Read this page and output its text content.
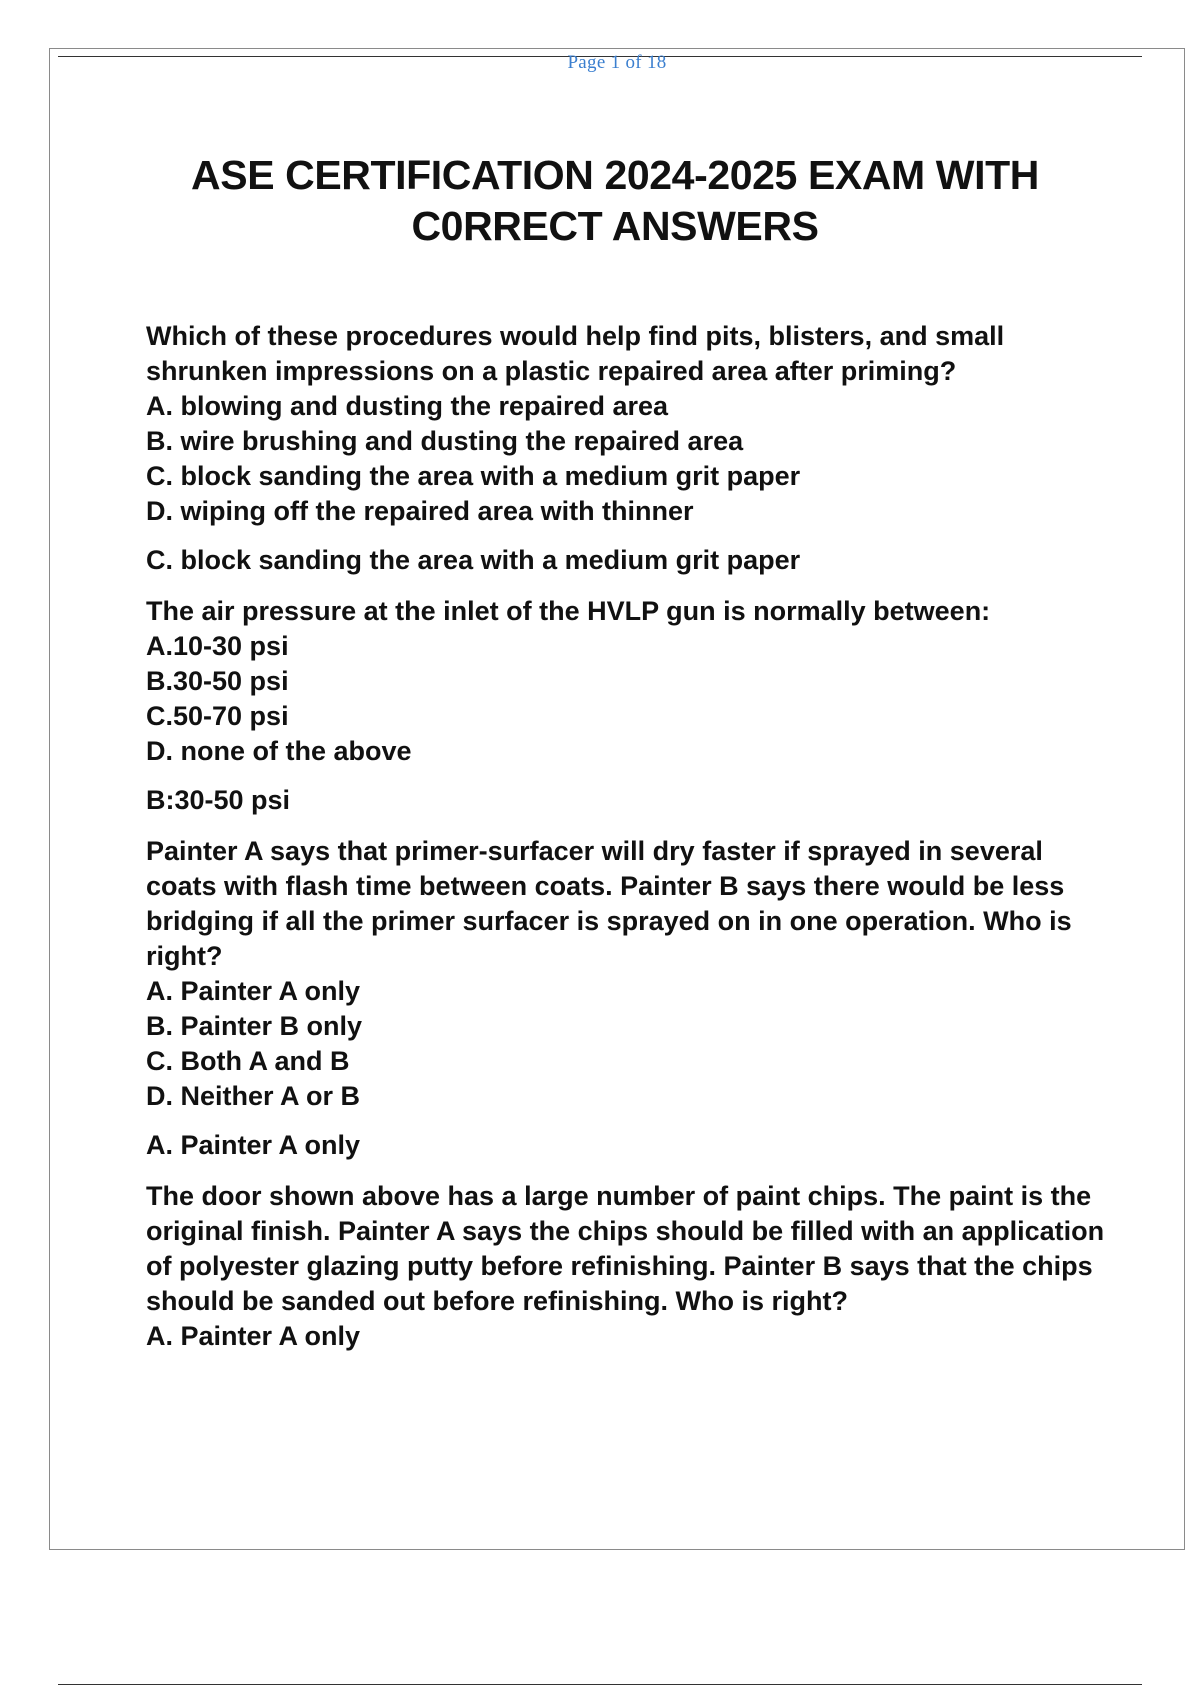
Page 1 of 18
ASE CERTIFICATION 2024-2025 EXAM WITH
C0RRECT ANSWERS

Which of these procedures would help find pits, blisters, and small shrunken impressions on a plastic repaired area after priming?

A. blowing and dusting the repaired area
B. wire brushing and dusting the repaired area
C. block sanding the area with a medium grit paper
D. wiping off the repaired area with thinner

C. block sanding the area with a medium grit paper

The air pressure at the inlet of the HVLP gun is normally between:

A.10-30 psi
B.30-50 psi
C.50-70 psi
D. none of the above

B:30-50 psi

Painter A says that primer-surfacer will dry faster if sprayed in several coats with flash time between coats. Painter B says there would be less bridging if all the primer surfacer is sprayed on in one operation. Who is right?

A. Painter A only
B. Painter B only
C. Both A and B
D. Neither A or B

A. Painter A only

The door shown above has a large number of paint chips. The paint is the original finish. Painter A says the chips should be filled with an application of polyester glazing putty before refinishing. Painter B says that the chips should be sanded out before refinishing. Who is right?

A. Painter A only
